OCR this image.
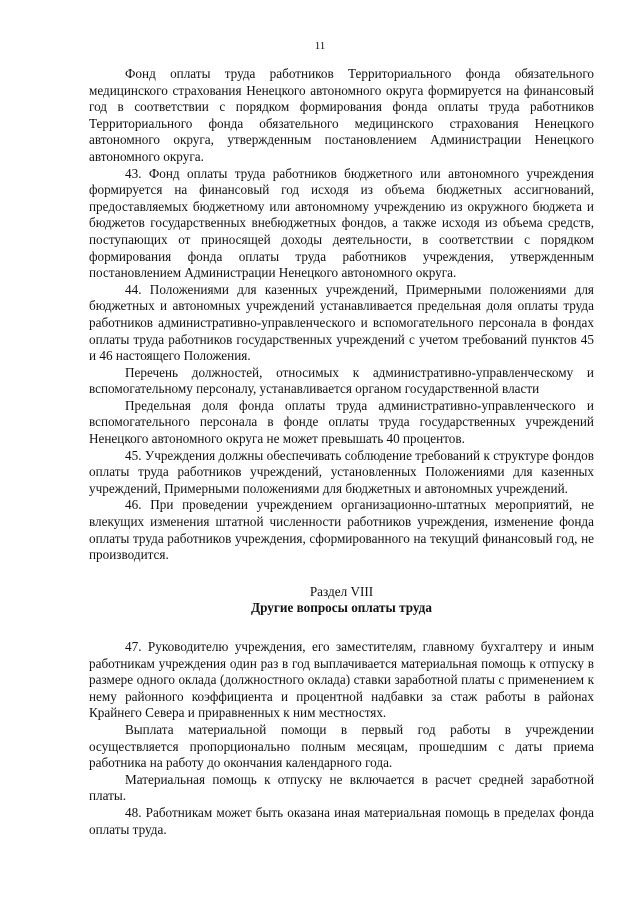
11

Фонд оплаты труда работников Территориального фонда обязательного медицинского страхования Ненецкого автономного округа формируется на финансовый год в соответствии с порядком формирования фонда оплаты труда работников Территориального фонда обязательного медицинского страхования Ненецкого автономного округа, утвержденным постановлением Администрации Ненецкого автономного округа.

43. Фонд оплаты труда работников бюджетного или автономного учреждения формируется на финансовый год исходя из объема бюджетных ассигнований, предоставляемых бюджетному или автономному учреждению из окружного бюджета и бюджетов государственных внебюджетных фондов, а также исходя из объема средств, поступающих от приносящей доходы деятельности, в соответствии с порядком формирования фонда оплаты труда работников учреждения, утвержденным постановлением Администрации Ненецкого автономного округа.

44. Положениями для казенных учреждений, Примерными положениями для бюджетных и автономных учреждений устанавливается предельная доля оплаты труда работников административно-управленческого и вспомогательного персонала в фондах оплаты труда работников государственных учреждений с учетом требований пунктов 45 и 46 настоящего Положения.

Перечень должностей, относимых к административно-управленческому и вспомогательному персоналу, устанавливается органом государственной власти

Предельная доля фонда оплаты труда административно-управленческого и вспомогательного персонала в фонде оплаты труда государственных учреждений Ненецкого автономного округа не может превышать 40 процентов.

45. Учреждения должны обеспечивать соблюдение требований к структуре фондов оплаты труда работников учреждений, установленных Положениями для казенных учреждений, Примерными положениями для бюджетных и автономных учреждений.

46. При проведении учреждением организационно-штатных мероприятий, не влекущих изменения штатной численности работников учреждения, изменение фонда оплаты труда работников учреждения, сформированного на текущий финансовый год, не производится.

Раздел VIII
Другие вопросы оплаты труда

47. Руководителю учреждения, его заместителям, главному бухгалтеру и иным работникам учреждения один раз в год выплачивается материальная помощь к отпуску в размере одного оклада (должностного оклада) ставки заработной платы с применением к нему районного коэффициента и процентной надбавки за стаж работы в районах Крайнего Севера и приравненных к ним местностях.

Выплата материальной помощи в первый год работы в учреждении осуществляется пропорционально полным месяцам, прошедшим с даты приема работника на работу до окончания календарного года.

Материальная помощь к отпуску не включается в расчет средней заработной платы.

48. Работникам может быть оказана иная материальная помощь в пределах фонда оплаты труда.
